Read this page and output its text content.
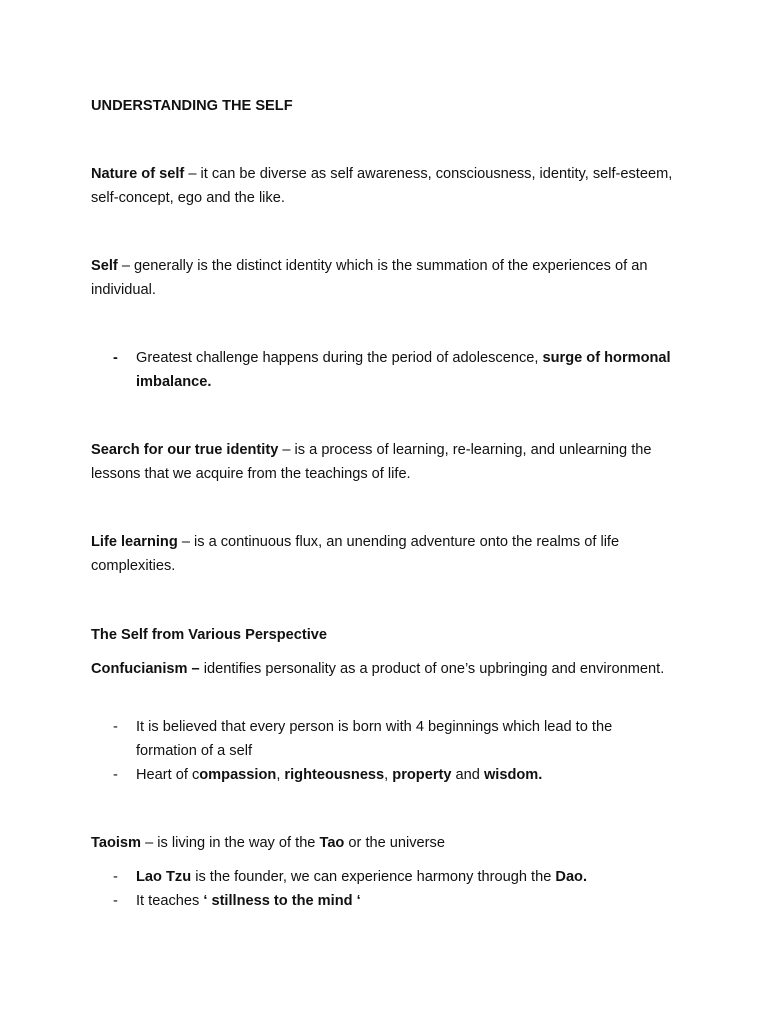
UNDERSTANDING THE SELF
Nature of self – it can be diverse as self awareness, consciousness, identity, self-esteem, self-concept, ego and the like.
Self – generally is the distinct identity which is the summation of the experiences of an individual.
-	Greatest challenge happens during the period of adolescence, surge of hormonal imbalance.
Search for our true identity – is a process of learning, re-learning, and unlearning the lessons that we acquire from the teachings of life.
Life learning – is a continuous flux, an unending adventure onto the realms of life complexities.
The Self from Various Perspective
Confucianism – identifies personality as a product of one’s upbringing and environment.
-	It is believed that every person is born with 4 beginnings which lead to the formation of a self
-	Heart of compassion, righteousness, property and wisdom.
Taoism – is living in the way of the Tao or the universe
-	Lao Tzu is the founder, we can experience harmony through the Dao.
-	It teaches ‘ stillness to the mind ‘
